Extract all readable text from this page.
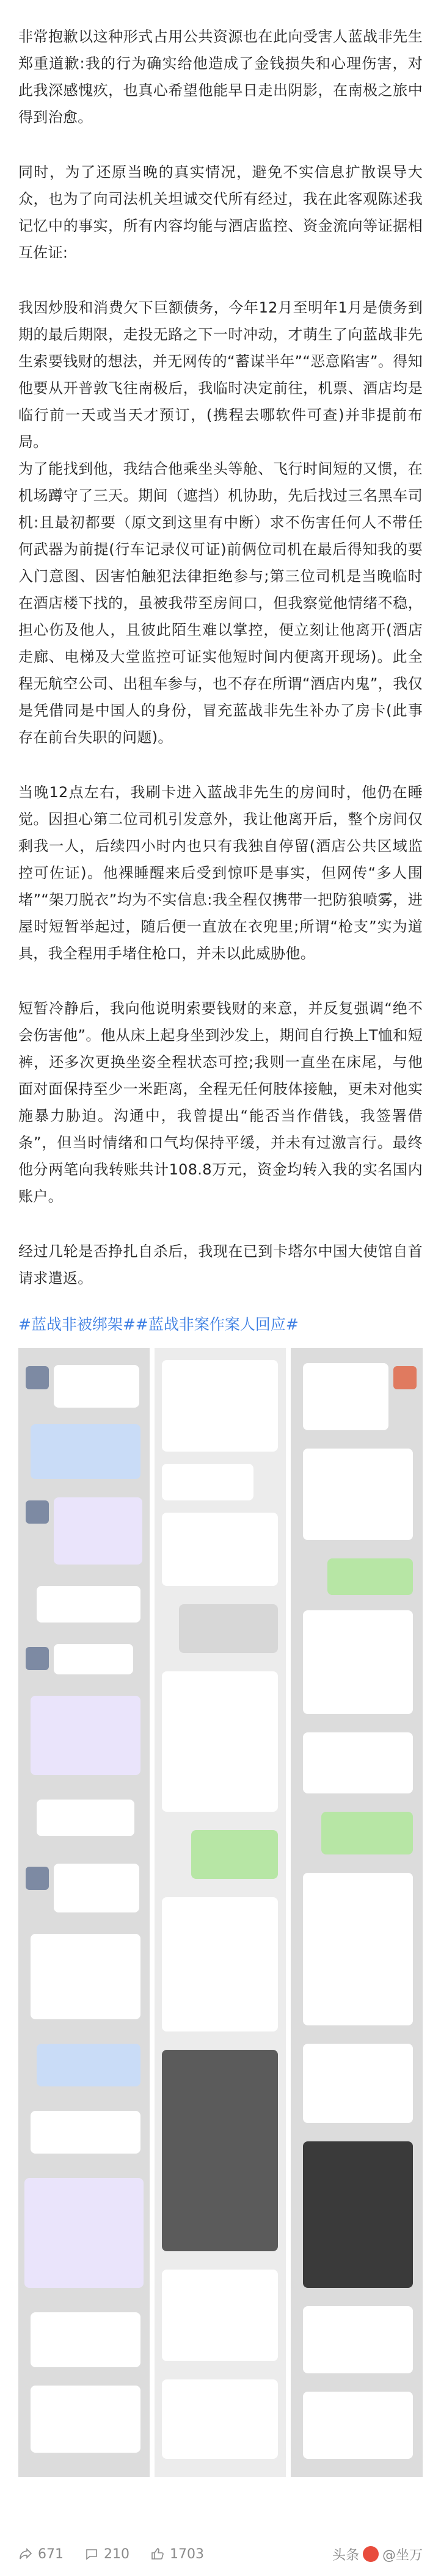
非常抱歉以这种形式占用公共资源也在此向受害人蓝战非先生郑重道歉:我的行为确实给他造成了金钱损失和心理伤害，对此我深感愧疚，也真心希望他能早日走出阴影，在南极之旅中得到治愈。

同时，为了还原当晚的真实情况，避免不实信息扩散误导大众，也为了向司法机关坦诚交代所有经过，我在此客观陈述我记忆中的事实，所有内容均能与酒店监控、资金流向等证据相互佐证:

我因炒股和消费欠下巨额债务，今年12月至明年1月是债务到期的最后期限，走投无路之下一时冲动，才萌生了向蓝战非先生索要钱财的想法，并无网传的“蓄谋半年”“恶意陷害”。得知他要从开普敦飞往南极后，我临时决定前往，机票、酒店均是临行前一天或当天才预订，(携程去哪软件可查)并非提前布局。
为了能找到他，我结合他乘坐头等舱、飞行时间短的又惯，在机场蹲守了三天。期间（遮挡）机协助，先后找过三名黑车司机:且最初都要（原文到这里有中断）求不伤害任何人不带任何武器为前提(行车记录仪可证)前俩位司机在最后得知我的要入门意图、因害怕触犯法律拒绝参与;第三位司机是当晚临时在酒店楼下找的，虽被我带至房间口，但我察觉他情绪不稳，担心伤及他人，且彼此陌生难以掌控，便立刻让他离开(酒店走廊、电梯及大堂监控可证实他短时间内便离开现场)。此全程无航空公司、出租车参与，也不存在所谓“酒店内鬼”，我仅是凭借同是中国人的身份，冒充蓝战非先生补办了房卡(此事存在前台失职的问题)。

当晚12点左右，我刷卡进入蓝战非先生的房间时，他仍在睡觉。因担心第二位司机引发意外，我让他离开后，整个房间仅剩我一人，后续四小时内也只有我独自停留(酒店公共区域监控可佐证)。他裸睡醒来后受到惊吓是事实，但网传“多人围堵”“架刀脱衣”均为不实信息:我全程仅携带一把防狼喷雾，进屋时短暂举起过，随后便一直放在衣兜里;所谓“枪支”实为道具，我全程用手堵住枪口，并未以此威胁他。

短暂冷静后，我向他说明索要钱财的来意，并反复强调“绝不会伤害他”。他从床上起身坐到沙发上，期间自行换上T恤和短裤，还多次更换坐姿全程状态可控;我则一直坐在床尾，与他面对面保持至少一米距离，全程无任何肢体接触，更未对他实施暴力胁迫。沟通中，我曾提出“能否当作借钱，我签署借条”，但当时情绪和口气均保持平缓，并未有过激言行。最终他分两笔向我转账共计108.8万元，资金均转入我的实名国内账户。

经过几轮是否挣扎自杀后，我现在已到卡塔尔中国大使馆自首请求遣返。

#蓝战非被绑架##蓝战非案作案人回应#
671	210	1703	头条 @坐万
